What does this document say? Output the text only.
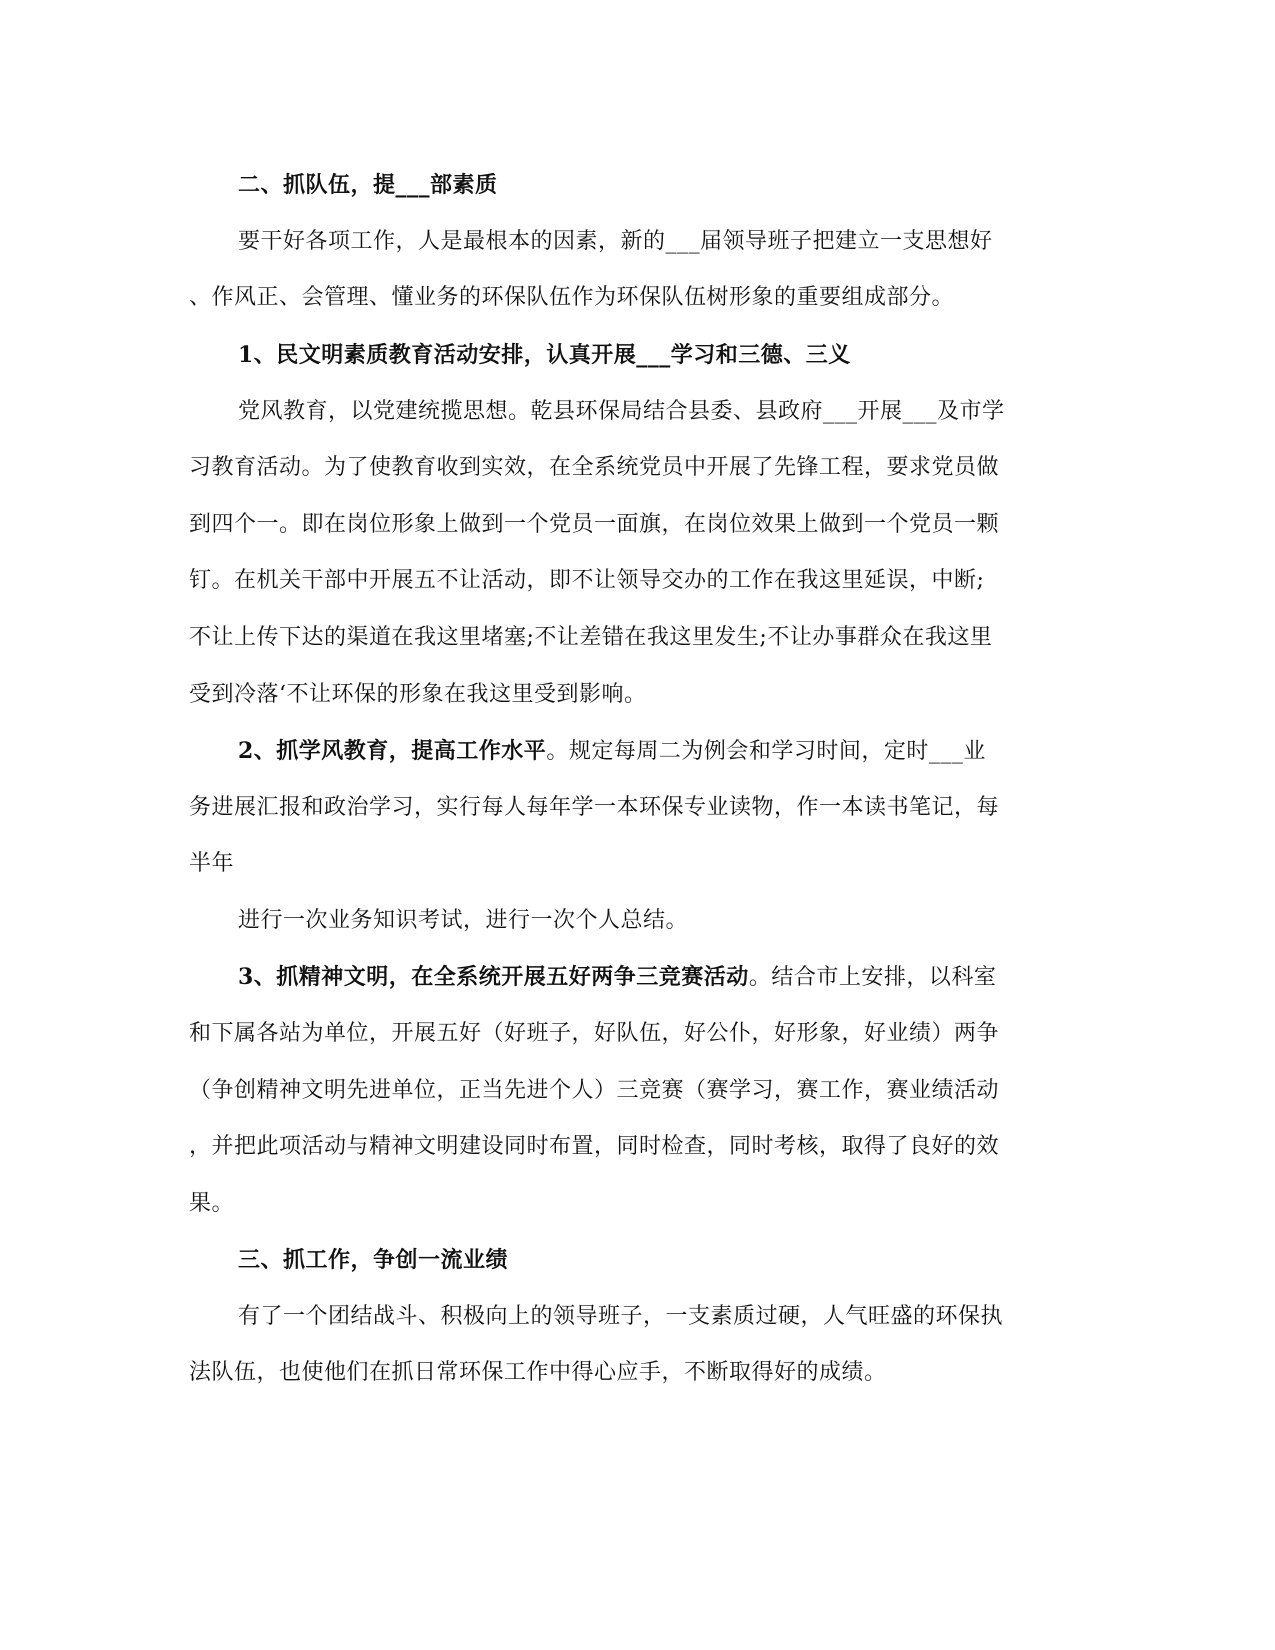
二、抓队伍，提___部素质
要干好各项工作，人是最根本的因素，新的___届领导班子把建立一支思想好
、作风正、会管理、懂业务的环保队伍作为环保队伍树形象的重要组成部分。
1、民文明素质教育活动安排，认真开展___学习和三德、三义
党风教育，以党建统揽思想。乾县环保局结合县委、县政府___开展___及市学
习教育活动。为了使教育收到实效，在全系统党员中开展了先锋工程，要求党员做
到四个一。即在岗位形象上做到一个党员一面旗，在岗位效果上做到一个党员一颗
钉。在机关干部中开展五不让活动，即不让领导交办的工作在我这里延误，中断;
不让上传下达的渠道在我这里堵塞;不让差错在我这里发生;不让办事群众在我这里
受到冷落‘不让环保的形象在我这里受到影响。
2、抓学风教育，提高工作水平。规定每周二为例会和学习时间，定时___业
务进展汇报和政治学习，实行每人每年学一本环保专业读物，作一本读书笔记，每
半年
进行一次业务知识考试，进行一次个人总结。
3、抓精神文明，在全系统开展五好两争三竞赛活动。结合市上安排，以科室
和下属各站为单位，开展五好（好班子，好队伍，好公仆，好形象，好业绩）两争
（争创精神文明先进单位，正当先进个人）三竞赛（赛学习，赛工作，赛业绩活动
，并把此项活动与精神文明建设同时布置，同时检查，同时考核，取得了良好的效
果。
三、抓工作，争创一流业绩
有了一个团结战斗、积极向上的领导班子，一支素质过硬，人气旺盛的环保执
法队伍，也使他们在抓日常环保工作中得心应手，不断取得好的成绩。
